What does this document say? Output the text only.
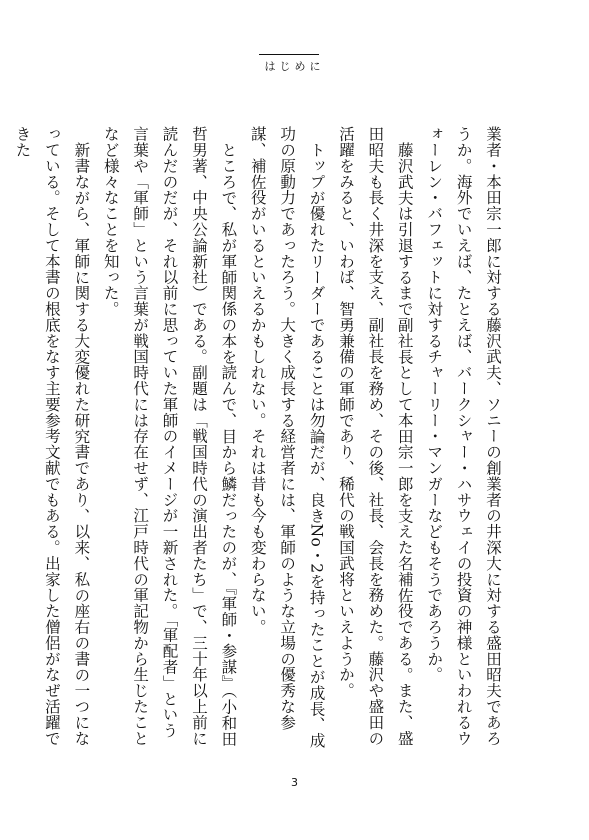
はじめに

業者・本田宗一郎に対する藤沢武夫、ソニーの創業者の井深大に対する盛田昭夫であろうか。海外でいえば、たとえば、バークシャー・ハサウェイの投資の神様といわれるウォーレン・バフェットに対するチャーリー・マンガーなどもそうであろうか。

藤沢武夫は引退するまで副社長として本田宗一郎を支えた名補佐役である。また、盛田昭夫も長く井深を支え、副社長を務め、その後、社長、会長を務めた。藤沢や盛田の活躍をみると、いわば、智勇兼備の軍師であり、稀代の戦国武将といえようか。

トップが優れたリーダーであることは勿論だが、良きNo・2を持ったことが成長、成功の原動力であったろう。大きく成長する経営者には、軍師のような立場の優秀な参謀、補佐役がいるといえるかもしれない。それは昔も今も変わらない。

ところで、私が軍師関係の本を読んで、目から鱗だったのが、『軍師・参謀』（小和田哲男著、中央公論新社）である。副題は「戦国時代の演出者たち」で、三十年以上前に読んだのだが、それ以前に思っていた軍師のイメージが一新された。「軍配者」という言葉や「軍師」という言葉が戦国時代には存在せず、江戸時代の軍記物から生じたことなど様々なことを知った。

新書ながら、軍師に関する大変優れた研究書であり、以来、私の座右の書の一つになっている。そして本書の根底をなす主要参考文献でもある。出家した僧侶がなぜ活躍できた

3
